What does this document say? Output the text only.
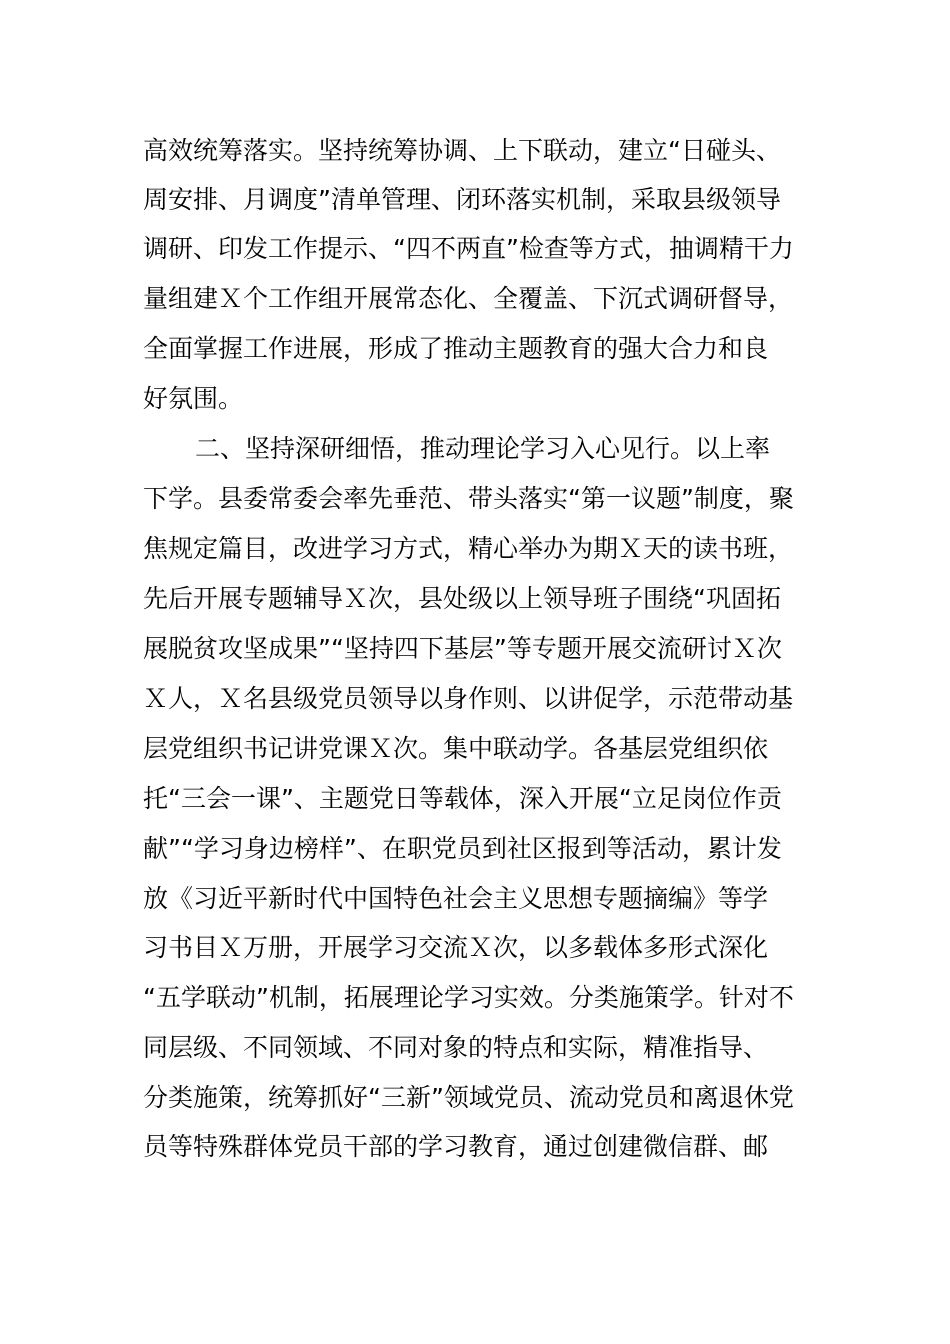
高效统筹落实。坚持统筹协调、上下联动，建立“日碰头、
周安排、月调度”清单管理、闭环落实机制，采取县级领导
调研、印发工作提示、“四不两直”检查等方式，抽调精干力
量组建Ｘ个工作组开展常态化、全覆盖、下沉式调研督导，
全面掌握工作进展，形成了推动主题教育的强大合力和良
好氛围。
二、坚持深研细悟，推动理论学习入心见行。以上率
下学。县委常委会率先垂范、带头落实“第一议题”制度，聚
焦规定篇目，改进学习方式，精心举办为期Ｘ天的读书班，
先后开展专题辅导Ｘ次，县处级以上领导班子围绕“巩固拓
展脱贫攻坚成果”“坚持四下基层”等专题开展交流研讨Ｘ次
Ｘ人，Ｘ名县级党员领导以身作则、以讲促学，示范带动基
层党组织书记讲党课Ｘ次。集中联动学。各基层党组织依
托“三会一课”、主题党日等载体，深入开展“立足岗位作贡
献”“学习身边榜样”、在职党员到社区报到等活动，累计发
放《习近平新时代中国特色社会主义思想专题摘编》等学
习书目Ｘ万册，开展学习交流Ｘ次，以多载体多形式深化
“五学联动”机制，拓展理论学习实效。分类施策学。针对不
同层级、不同领域、不同对象的特点和实际，精准指导、
分类施策，统筹抓好“三新”领域党员、流动党员和离退休党
员等特殊群体党员干部的学习教育，通过创建微信群、邮
